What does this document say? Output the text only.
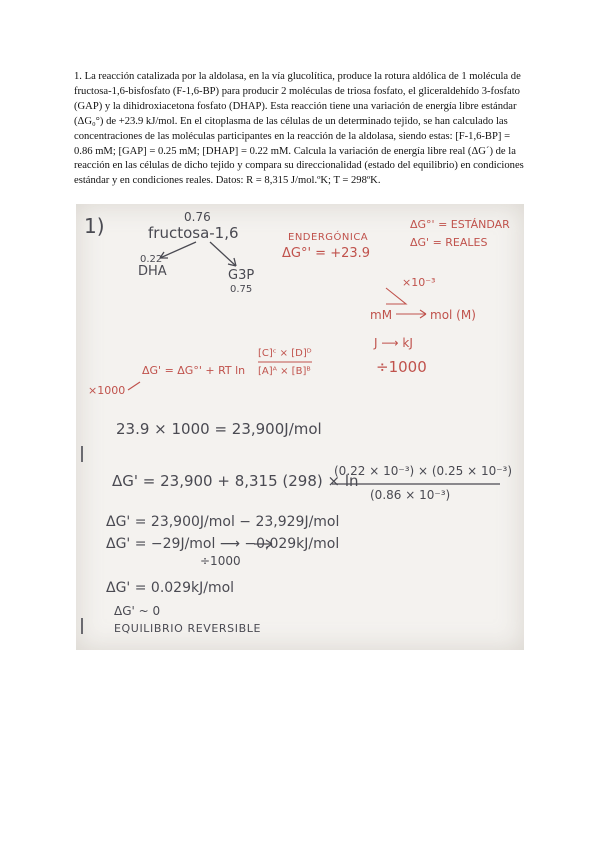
1. La reacción catalizada por la aldolasa, en la vía glucolítica, produce la rotura aldólica de 1 molécula de fructosa-1,6-bisfosfato (F-1,6-BP) para producir 2 moléculas de triosa fosfato, el gliceraldehído 3-fosfato (GAP) y la dihidroxiacetona fosfato (DHAP). Esta reacción tiene una variación de energía libre estándar (ΔG₀°) de +23.9 kJ/mol. En el citoplasma de las células de un determinado tejido, se han calculado las concentraciones de las moléculas participantes en la reacción de la aldolasa, siendo estas: [F-1,6-BP] = 0.86 mM; [GAP] = 0.25 mM; [DHAP] = 0.22 mM. Calcula la variación de energía libre real (ΔG´) de la reacción en las células de dicho tejido y compara su direccionalidad (estado del equilibrio) en condiciones estándar y en condiciones reales. Datos: R = 8,315 J/mol.ºK; T = 298ºK.
1)	0.76
fructosa-1,6
0.22
DHA	G3P
0.75
ENDERGÓNICA
ΔG°' = +23.9
ΔG°' = ESTÁNDAR
ΔG' = REALES
×10⁻³
mM	mol (M)
J ⟶ kJ
÷1000
×1000
ΔG' = ΔG°' + RT ln
[C]ᶜ × [D]ᴰ
[A]ᴬ × [B]ᴮ
23.9 × 1000 = 23,900J/mol
ΔG' = 23,900 + 8,315 (298) × ln
(0.22 × 10⁻³) × (0.25 × 10⁻³)
(0.86 × 10⁻³)
ΔG' = 23,900J/mol − 23,929J/mol
ΔG' = −29J/mol ⟶ −0,029kJ/mol
÷1000
ΔG' = 0.029kJ/mol
ΔG' ~ 0
EQUILIBRIO REVERSIBLE
